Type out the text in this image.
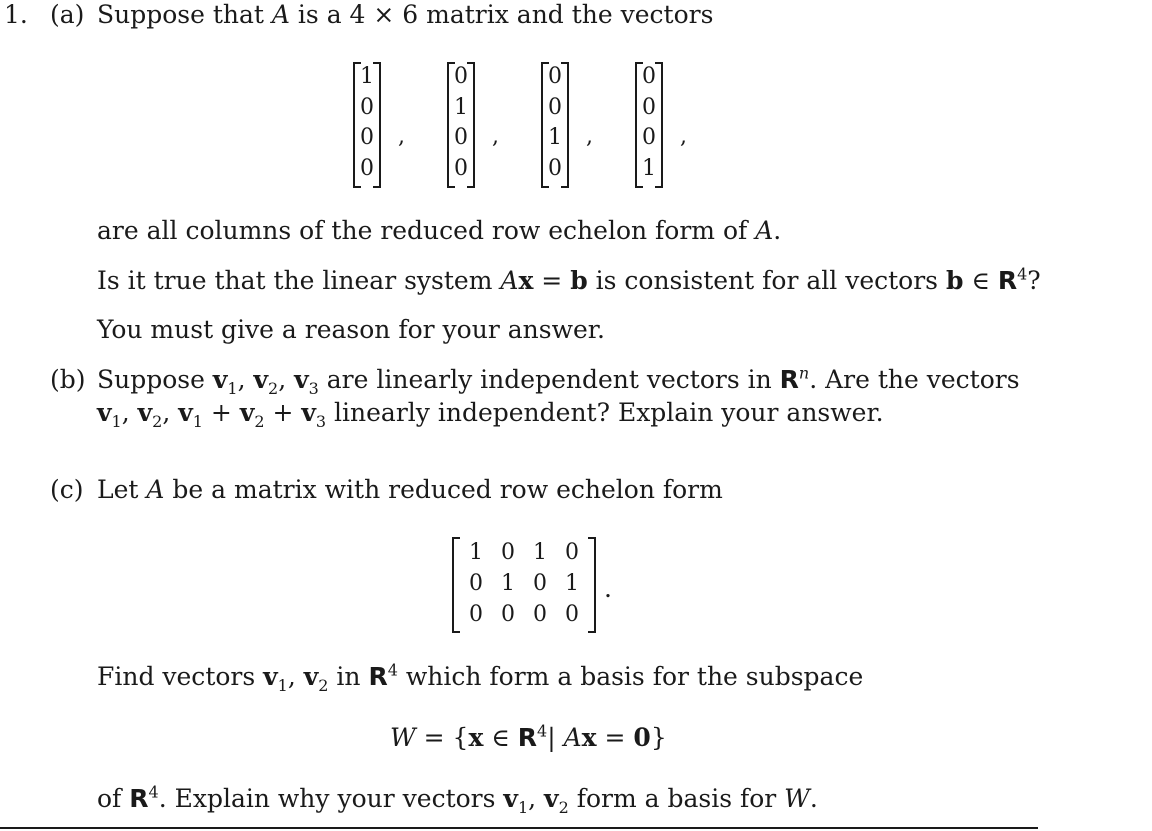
1. (a) Suppose that A is a 4 × 6 matrix and the vectors
1
0
0
0
,
0
1
0
0
,
0
0
1
0
,
0
0
0
1
,
are all columns of the reduced row echelon form of A.
Is it true that the linear system Ax = b is consistent for all vectors b ∈ $R^4$?
You must give a reason for your answer.
(b) Suppose $v_1$, $v_2$, $v_3$ are linearly independent vectors in $R^n$. Are the vectors
$v_1$, $v_2$, $v_1 + v_2 + v_3$ linearly independent? Explain your answer.
(c) Let A be a matrix with reduced row echelon form
1 0 1 0
0 1 0 1
0 0 0 0
.
Find vectors $v_1$, $v_2$ in $R^4$ which form a basis for the subspace
W = {x ∈ $R^4|$ Ax = 0}
of $R^4$. Explain why your vectors $v_1$, $v_2$ form a basis for W.
